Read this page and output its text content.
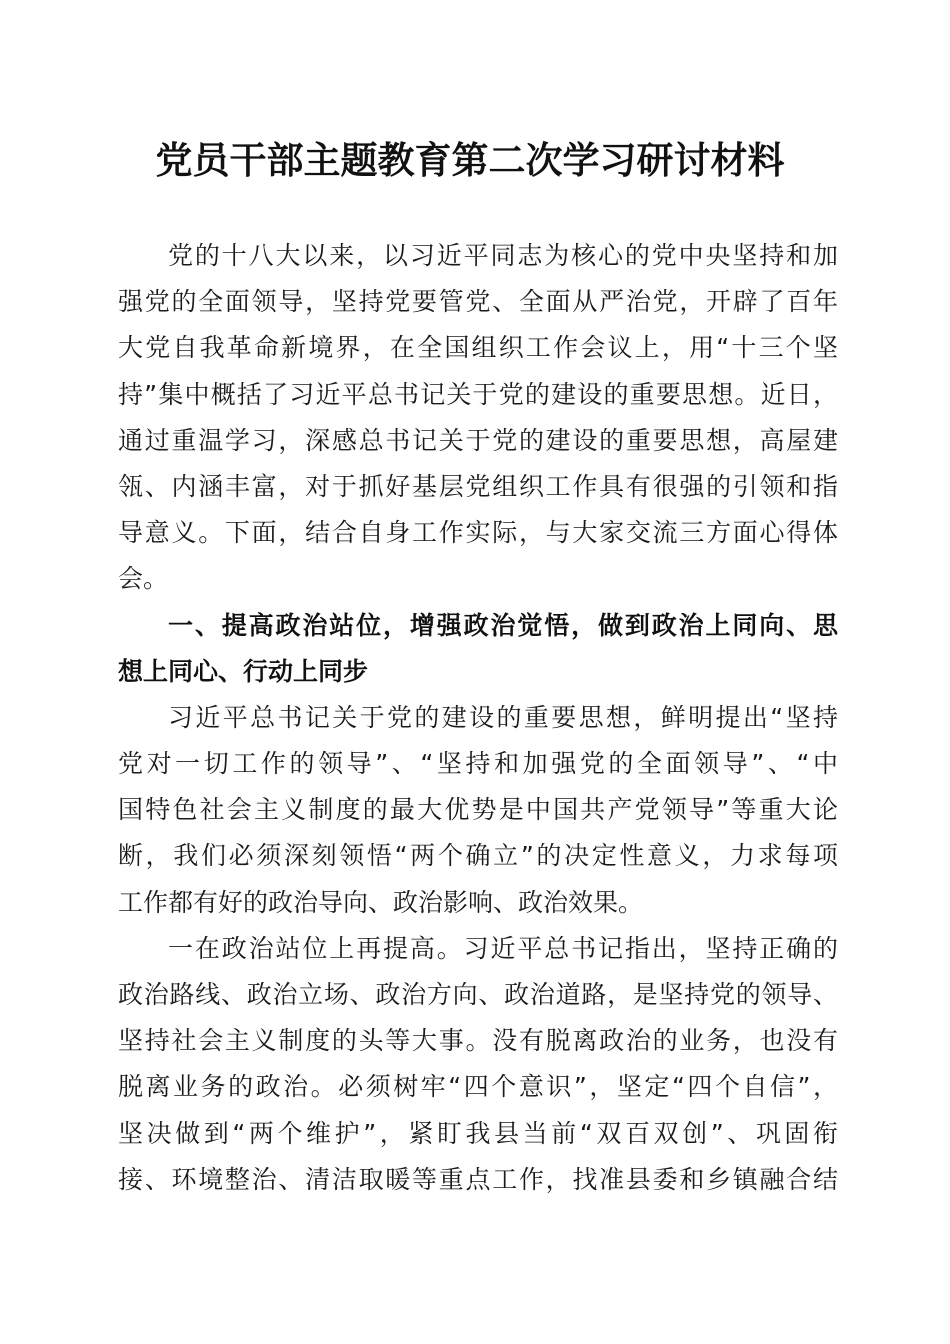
党员干部主题教育第二次学习研讨材料
党的十八大以来，以习近平同志为核心的党中央坚持和加
强党的全面领导，坚持党要管党、全面从严治党，开辟了百年
大党自我革命新境界，在全国组织工作会议上，用“十三个坚
持”集中概括了习近平总书记关于党的建设的重要思想。近日，
通过重温学习，深感总书记关于党的建设的重要思想，高屋建
瓴、内涵丰富，对于抓好基层党组织工作具有很强的引领和指
导意义。下面，结合自身工作实际，与大家交流三方面心得体
会。
一、提高政治站位，增强政治觉悟，做到政治上同向、思
想上同心、行动上同步
习近平总书记关于党的建设的重要思想，鲜明提出“坚持
党对一切工作的领导”、“坚持和加强党的全面领导”、“中
国特色社会主义制度的最大优势是中国共产党领导”等重大论
断，我们必须深刻领悟“两个确立”的决定性意义，力求每项
工作都有好的政治导向、政治影响、政治效果。
一在政治站位上再提高。习近平总书记指出，坚持正确的
政治路线、政治立场、政治方向、政治道路，是坚持党的领导、
坚持社会主义制度的头等大事。没有脱离政治的业务，也没有
脱离业务的政治。必须树牢“四个意识”，坚定“四个自信”，
坚决做到“两个维护”，紧盯我县当前“双百双创”、巩固衔
接、环境整治、清洁取暖等重点工作，找准县委和乡镇融合结
